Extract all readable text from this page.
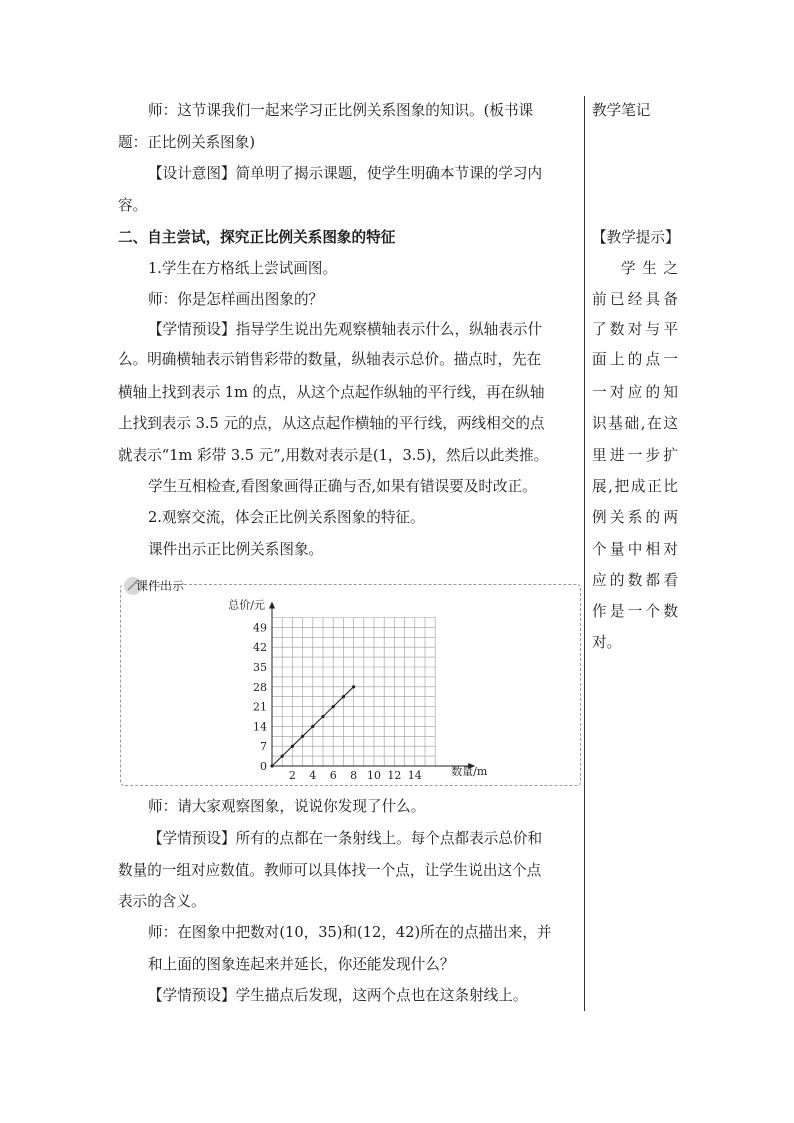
师：这节课我们一起来学习正比例关系图象的知识。(板书课
题：正比例关系图象)
【设计意图】简单明了揭示课题，使学生明确本节课的学习内
容。
二、自主尝试，探究正比例关系图象的特征
1.学生在方格纸上尝试画图。
师：你是怎样画出图象的？
【学情预设】指导学生说出先观察横轴表示什么，纵轴表示什
么。明确横轴表示销售彩带的数量，纵轴表示总价。描点时，先在
横轴上找到表示 1m 的点，从这个点起作纵轴的平行线，再在纵轴
上找到表示 3.5 元的点，从这点起作横轴的平行线，两线相交的点
就表示“1m 彩带 3.5 元”,用数对表示是(1，3.5)，然后以此类推。
学生互相检查,看图象画得正确与否,如果有错误要及时改正。
2.观察交流，体会正比例关系图象的特征。
课件出示正比例关系图象。
师：请大家观察图象，说说你发现了什么。
【学情预设】所有的点都在一条射线上。每个点都表示总价和
数量的一组对应数值。教师可以具体找一个点，让学生说出这个点
表示的含义。
师：在图象中把数对(10，35)和(12，42)所在的点描出来，并
和上面的图象连起来并延长，你还能发现什么？
【学情预设】学生描点后发现，这两个点也在这条射线上。
教学笔记
【教学提示】
学生之
前已经具备
了数对与平
面上的点一
一对应的知
识基础,在这
里进一步扩
展,把成正比
例关系的两
个量中相对
应的数都看
作是一个数
对。
课件出示
2 4 6 8 10 12 14
0
7
14
21
28
35
42
49
数量/m
总价/元
